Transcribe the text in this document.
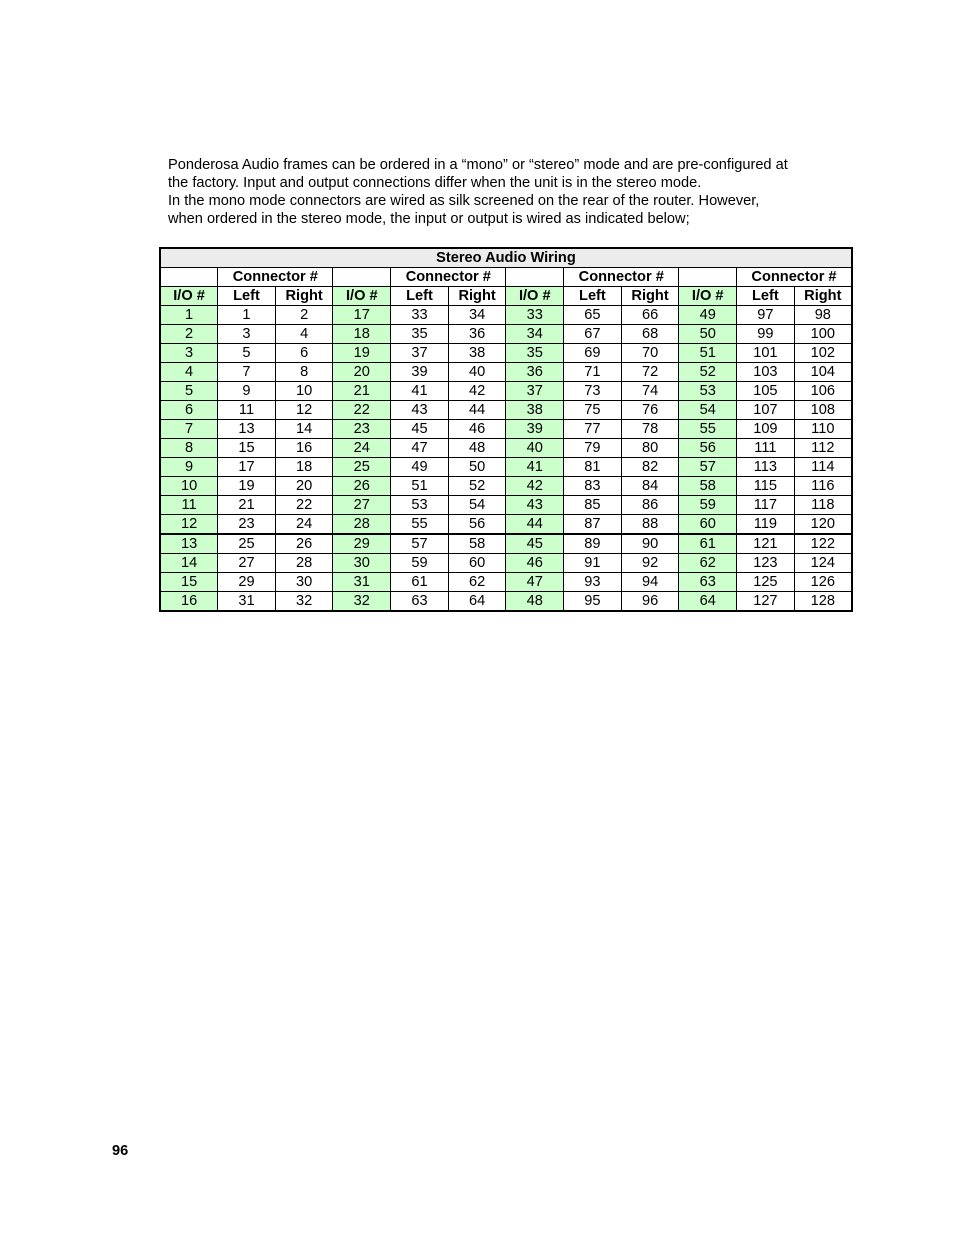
Ponderosa Audio frames can be ordered in a “mono” or “stereo” mode and are pre-configured at

the factory. Input and output connections differ when the unit is in the stereo mode.

In the mono mode connectors are wired as silk screened on the rear of the router. However,

when ordered in the stereo mode, the input or output is wired as indicated below;

Stereo Audio Wiring											
	Connector #			Connector #			Connector #			Connector #	
I/O #	Left	Right	I/O #	Left	Right	I/O #	Left	Right	I/O #	Left	Right
1	1	2	17	33	34	33	65	66	49	97	98
2	3	4	18	35	36	34	67	68	50	99	100
3	5	6	19	37	38	35	69	70	51	101	102
4	7	8	20	39	40	36	71	72	52	103	104
5	9	10	21	41	42	37	73	74	53	105	106
6	11	12	22	43	44	38	75	76	54	107	108
7	13	14	23	45	46	39	77	78	55	109	110
8	15	16	24	47	48	40	79	80	56	111	112
9	17	18	25	49	50	41	81	82	57	113	114
10	19	20	26	51	52	42	83	84	58	115	116
11	21	22	27	53	54	43	85	86	59	117	118
12	23	24	28	55	56	44	87	88	60	119	120
13	25	26	29	57	58	45	89	90	61	121	122
14	27	28	30	59	60	46	91	92	62	123	124
15	29	30	31	61	62	47	93	94	63	125	126
16	31	32	32	63	64	48	95	96	64	127	128
96
